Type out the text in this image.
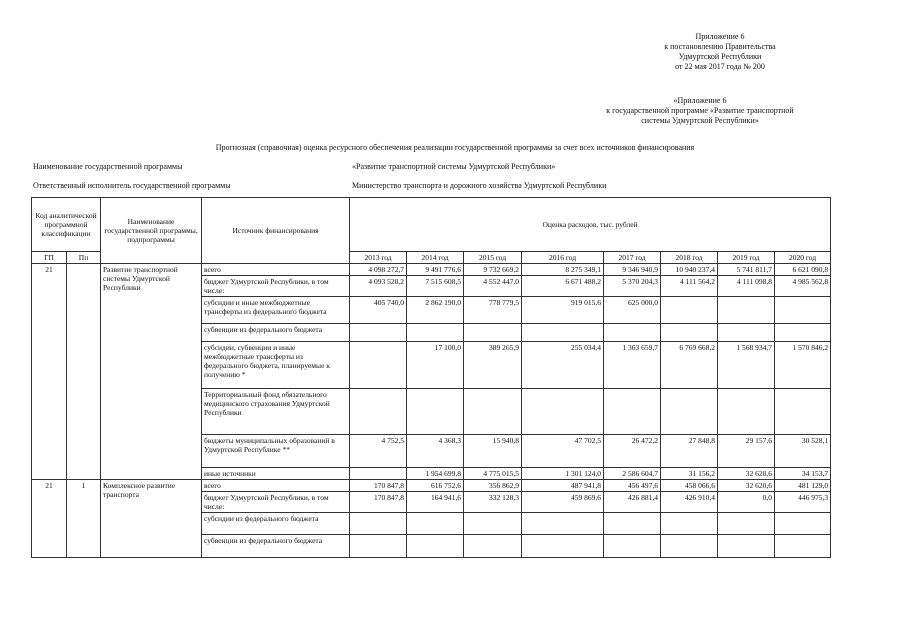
Приложение 6
к постановлению Правительства
Удмуртской Республики
от 22 мая 2017 года № 200
«Приложение 6
к государственной программе «Развитие транспортной
системы Удмуртской Республики»
Прогнозная (справочная) оценка ресурсного обеспечения реализации государственной программы за счет всех источников финансирования
Наименование государственной программы	«Развитие транспортной системы Удмуртской Республики»
Ответственный исполнитель государственной программы	Министерство транспорта и дорожного хозяйства Удмуртской Республики
Код аналитической программной классификации		Наименование государственной программы, подпрограммы	Источник финансирования	Оценка расходов, тыс. рублей							
ГП	Пп			2013 год	2014 год	2015 год	2016 год	2017 год	2018 год	2019 год	2020 год
21		Развитие транспортной системы Удмуртской Республики	всего	4 098 272,7	9 491 776,6	9 732 669,2	8 275 349,1	9 346 940,9	10 940 237,4	5 741 811,7	6 621 090,8
			бюджет Удмуртской Республики, в том числе:	4 093 520,2	7 515 608,5	4 552 447,0	6 671 488,2	5 370 204,3	4 111 564,2	4 111 098,8	4 985 562,8
			субсидии и иные межбюджетные трансферты из федерального бюджета	405 740,0	2 862 190,0	778 779,5	919 015,6	625 000,0			
			субвенции из федерального бюджета								
			субсидии, субвенции и иные межбюджетные трансферты из федерального бюджета, планируемые к получению *		17 100,0	389 265,9	255 034,4	1 363 659,7	6 769 668,2	1 568 934,7	1 570 846,2
			Территориальный фонд обязательного медицинского страхования Удмуртской Республики								
			бюджеты муниципальных образований в Удмуртской Республике **	4 752,5	4 368,3	15 940,8	47 702,5	26 472,2	27 848,8	29 157,6	30 528,1
			иные источники		1 954 699,8	4 775 015,5	1 301 124,0	2 586 604,7	31 156,2	32 620,6	34 153,7
21	1	Комплексное развитие транспорта	всего	170 847,8	616 752,6	356 862,9	487 941,8	456 497,6	458 066,6	32 620,6	481 129,0
			бюджет Удмуртской Республики, в том числе:	170 847,8	164 941,6	332 128,3	459 869,6	426 881,4	426 910,4	0,0	446 975,3
			субсидии из федерального бюджета								
			субвенции из федерального бюджета								
